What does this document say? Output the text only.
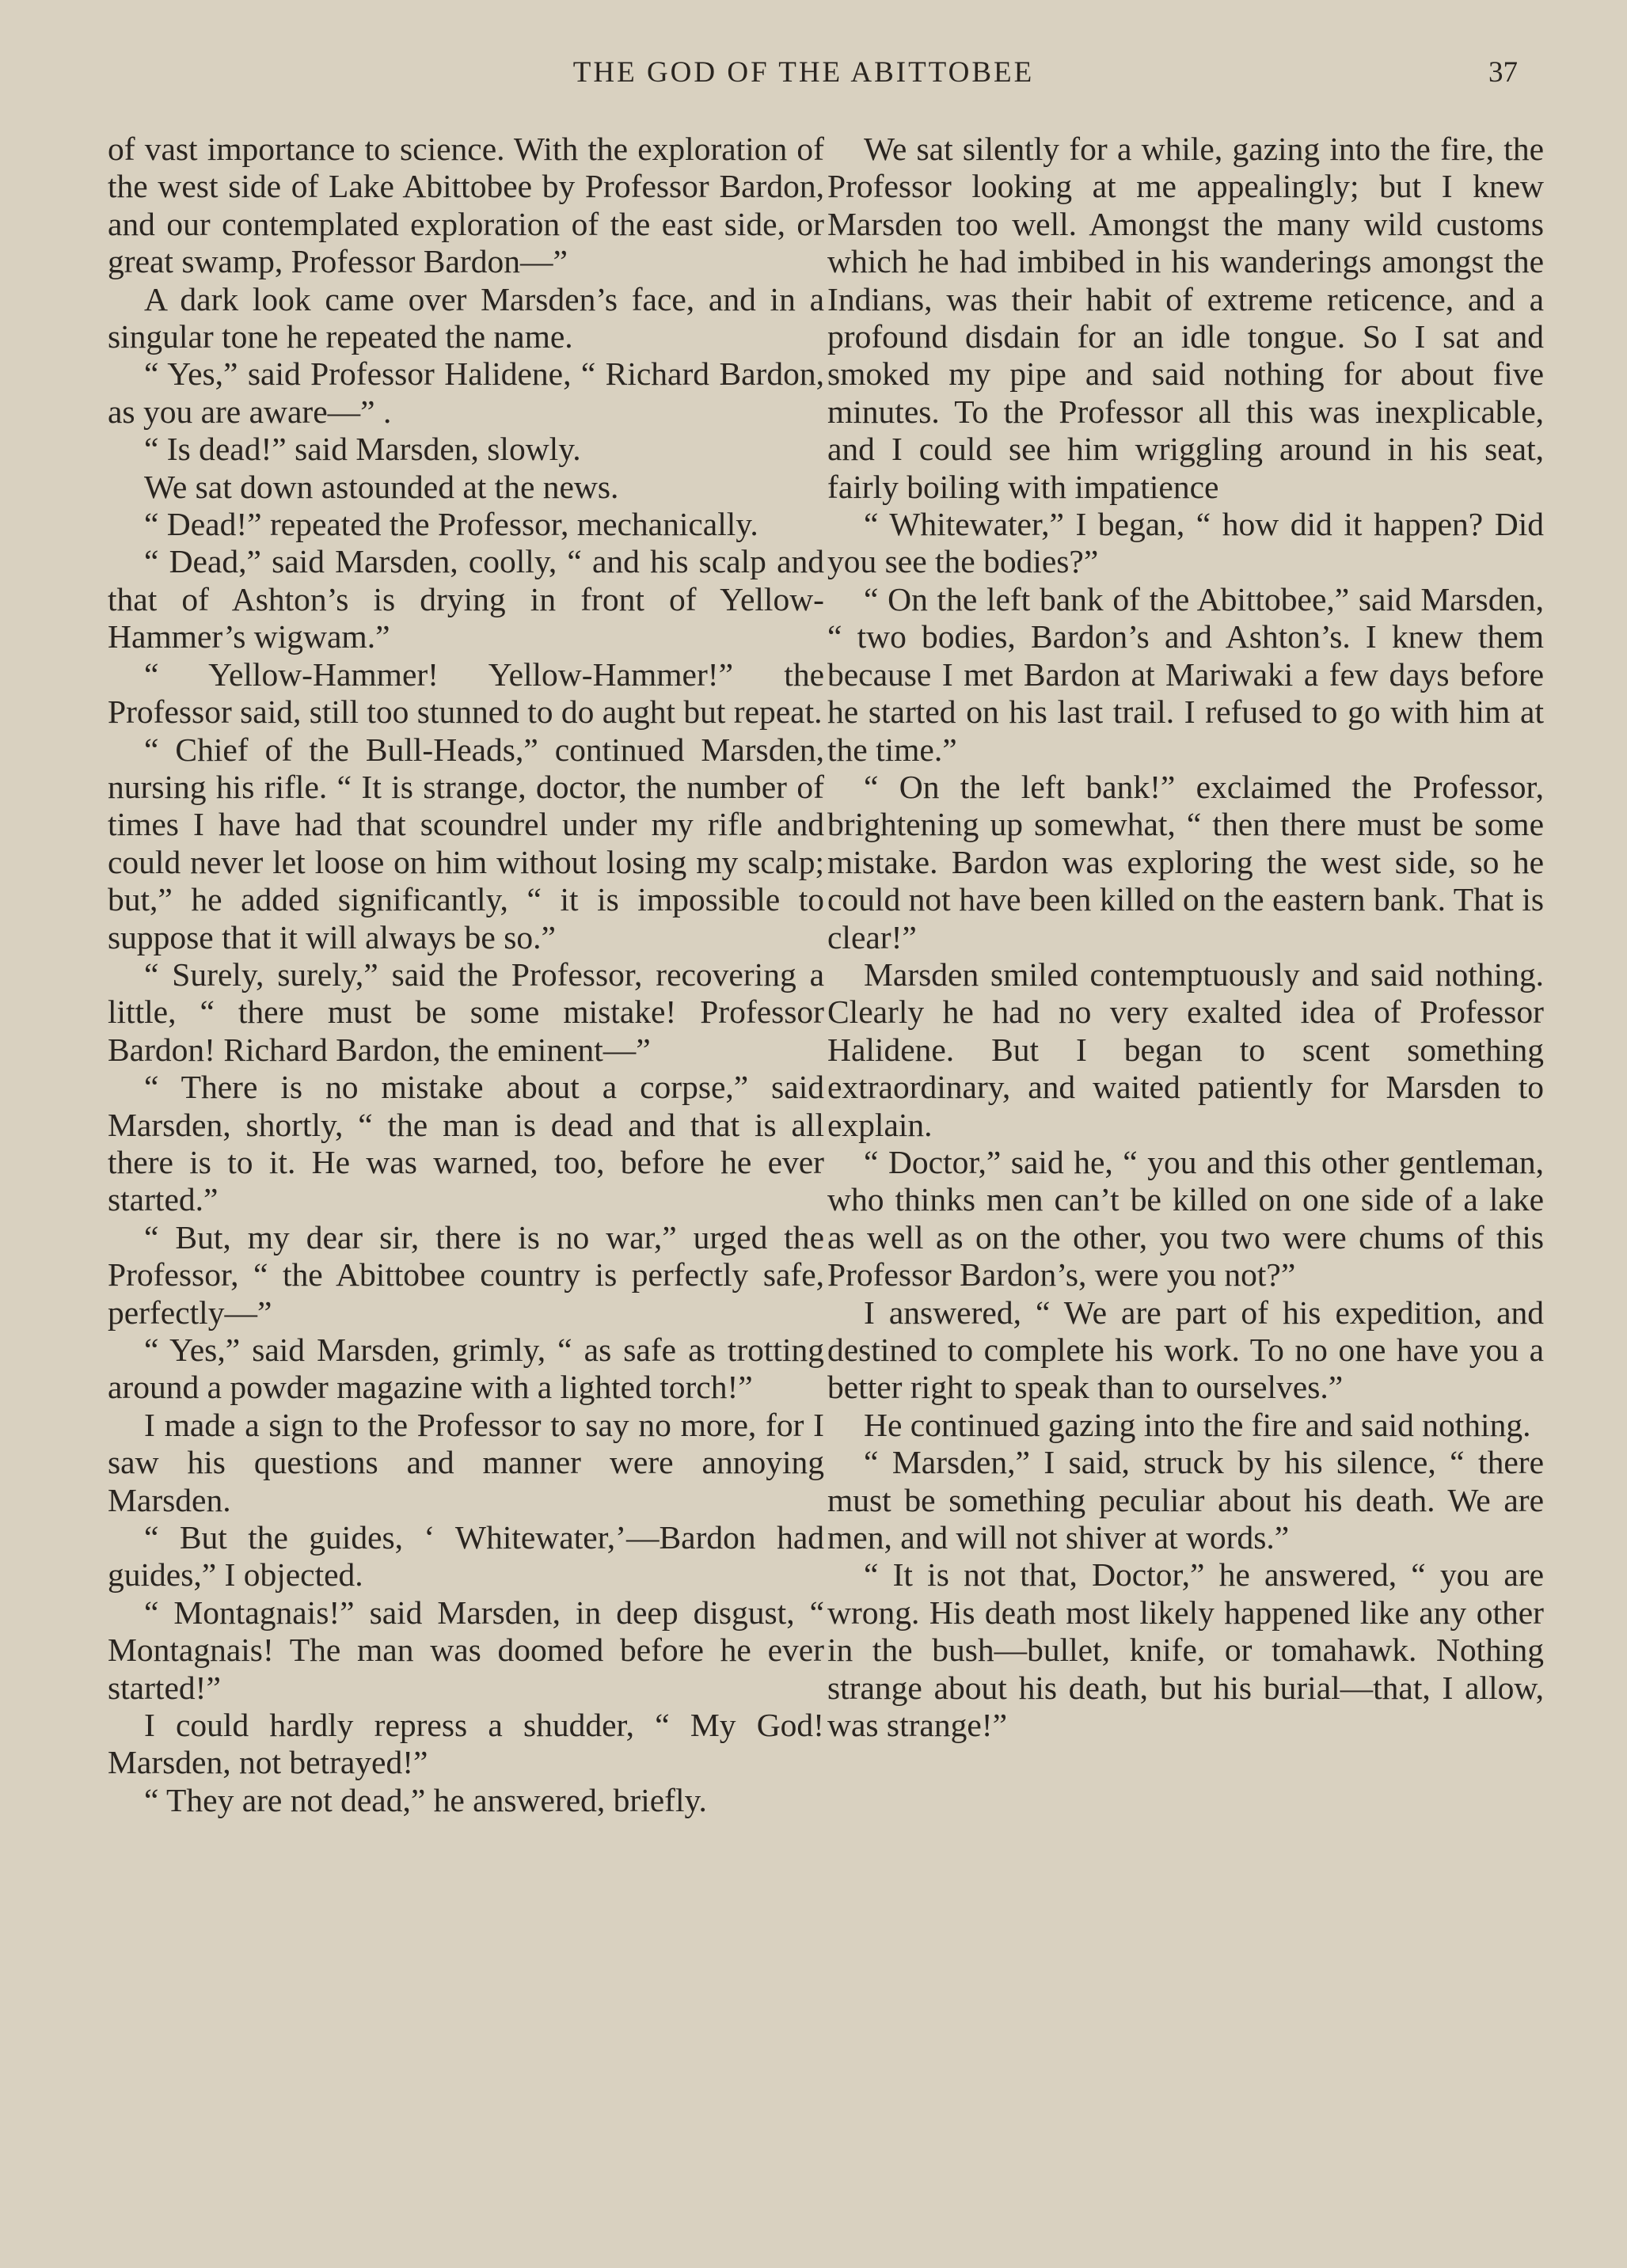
THE GOD OF THE ABITTOBEE	37

of vast importance to science. With the exploration of the west side of Lake Abittobee by Professor Bardon, and our contemplated exploration of the east side, or great swamp, Professor Bardon—”

A dark look came over Marsden’s face, and in a singular tone he repeated the name.

“ Yes,” said Professor Halidene, “ Richard Bardon, as you are aware—” .

“ Is dead!” said Marsden, slowly.

We sat down astounded at the news.

“ Dead!” repeated the Professor, mechanically.

“ Dead,” said Marsden, coolly, “ and his scalp and that of Ashton’s is drying in front of Yellow-Hammer’s wigwam.”

“ Yellow-Hammer! Yellow-Hammer!” the Professor said, still too stunned to do aught but repeat.

“ Chief of the Bull-Heads,” continued Marsden, nursing his rifle. “ It is strange, doctor, the number of times I have had that scoundrel under my rifle and could never let loose on him without losing my scalp; but,” he added significantly, “ it is impossible to suppose that it will always be so.”

“ Surely, surely,” said the Professor, recovering a little, “ there must be some mistake! Professor Bardon! Richard Bardon, the eminent—”

“ There is no mistake about a corpse,” said Marsden, shortly, “ the man is dead and that is all there is to it. He was warned, too, before he ever started.”

“ But, my dear sir, there is no war,” urged the Professor, “ the Abittobee country is perfectly safe, perfectly—”

“ Yes,” said Marsden, grimly, “ as safe as trotting around a powder magazine with a lighted torch!”

I made a sign to the Professor to say no more, for I saw his questions and manner were annoying Marsden.

“ But the guides, ‘ Whitewater,’—Bardon had guides,” I objected.

“ Montagnais!” said Marsden, in deep disgust, “ Montagnais! The man was doomed before he ever started!”

I could hardly repress a shudder, “ My God! Marsden, not betrayed!”

“ They are not dead,” he answered, briefly.

We sat silently for a while, gazing into the fire, the Professor looking at me appealingly; but I knew Marsden too well. Amongst the many wild customs which he had imbibed in his wanderings amongst the Indians, was their habit of extreme reticence, and a profound disdain for an idle tongue. So I sat and smoked my pipe and said nothing for about five minutes. To the Professor all this was inexplicable, and I could see him wriggling around in his seat, fairly boiling with impatience

“ Whitewater,” I began, “ how did it happen? Did you see the bodies?”

“ On the left bank of the Abittobee,” said Marsden, “ two bodies, Bardon’s and Ashton’s. I knew them because I met Bardon at Mariwaki a few days before he started on his last trail. I refused to go with him at the time.”

“ On the left bank!” exclaimed the Professor, brightening up somewhat, “ then there must be some mistake. Bardon was exploring the west side, so he could not have been killed on the eastern bank. That is clear!”

Marsden smiled contemptuously and said nothing. Clearly he had no very exalted idea of Professor Halidene. But I began to scent something extraordinary, and waited patiently for Marsden to explain.

“ Doctor,” said he, “ you and this other gentleman, who thinks men can’t be killed on one side of a lake as well as on the other, you two were chums of this Professor Bardon’s, were you not?”

I answered, “ We are part of his expedition, and destined to complete his work. To no one have you a better right to speak than to ourselves.”

He continued gazing into the fire and said nothing.

“ Marsden,” I said, struck by his silence, “ there must be something peculiar about his death. We are men, and will not shiver at words.”

“ It is not that, Doctor,” he answered, “ you are wrong. His death most likely happened like any other in the bush—bullet, knife, or tomahawk. Nothing strange about his death, but his burial—that, I allow, was strange!”
